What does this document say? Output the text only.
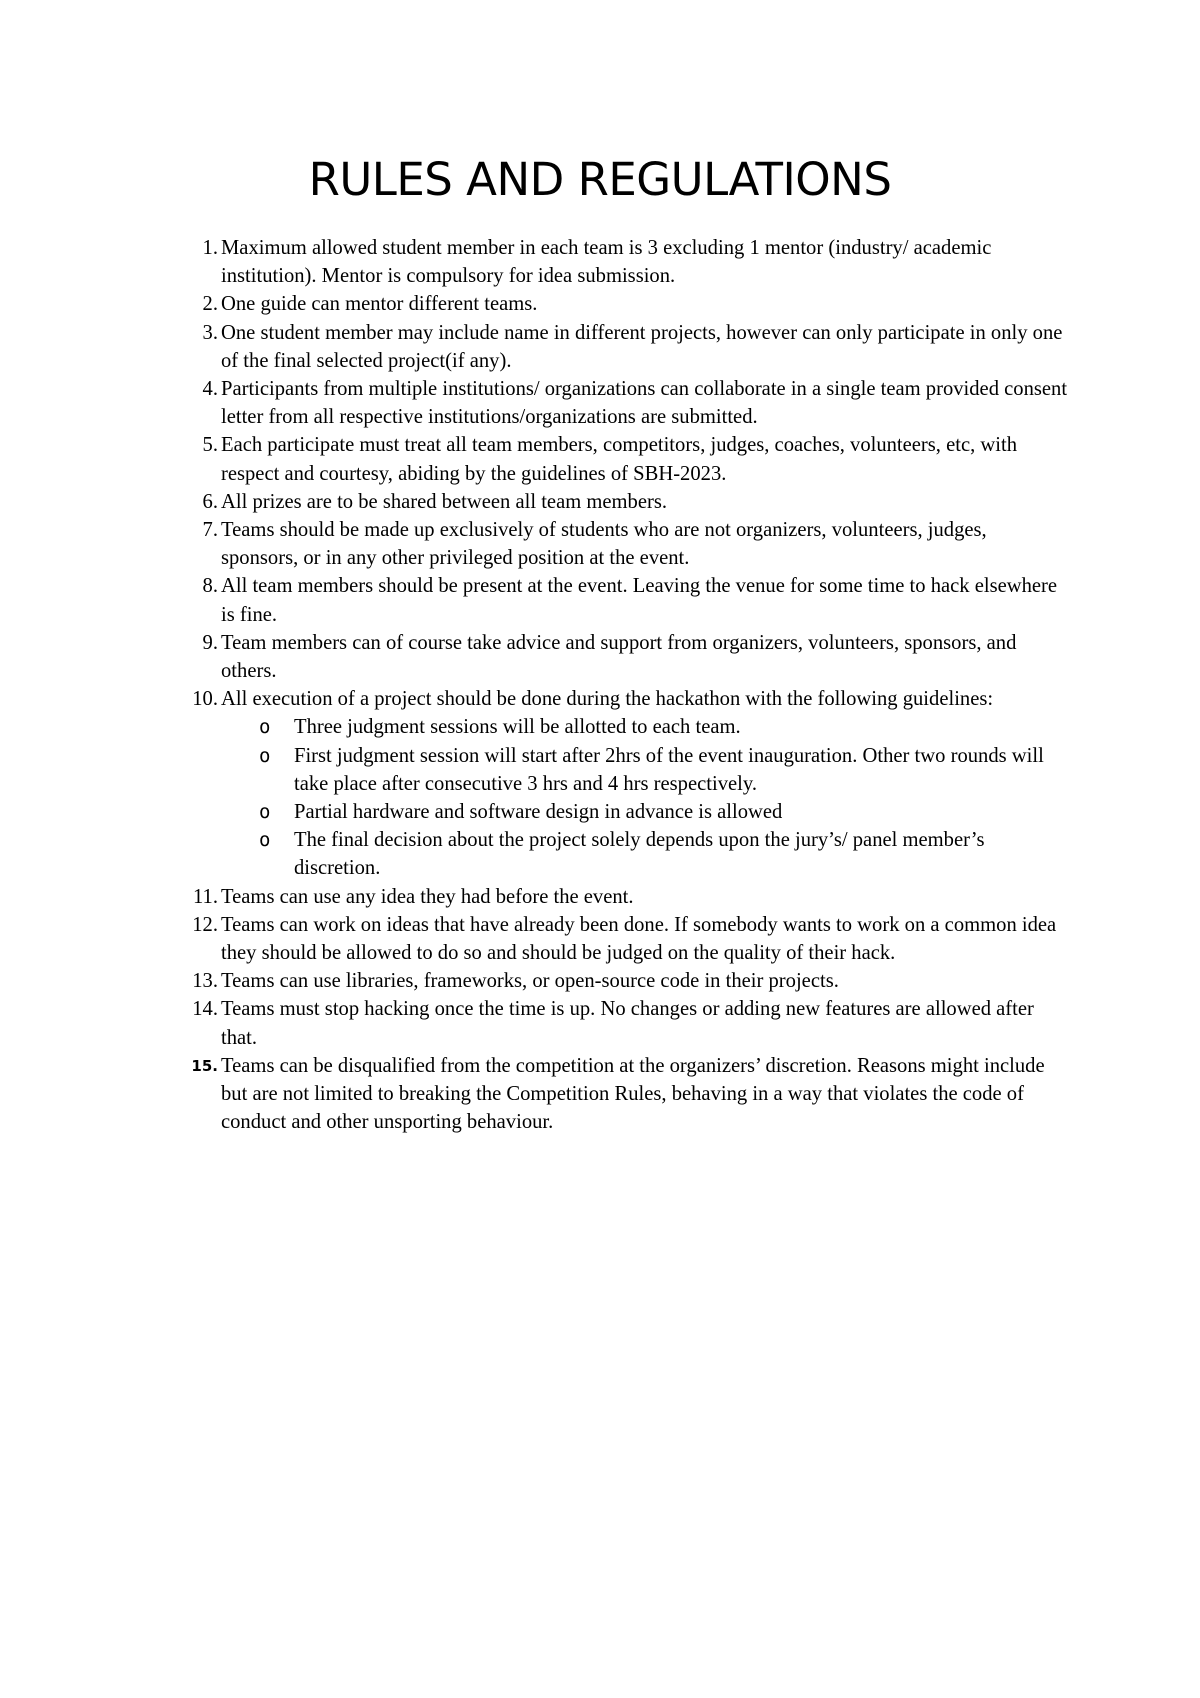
RULES AND REGULATIONS
1. Maximum allowed student member in each team is 3 excluding 1 mentor (industry/ academic institution). Mentor is compulsory for idea submission.
2. One guide can mentor different teams.
3. One student member may include name in different projects, however can only participate in only one of the final selected project(if any).
4. Participants from multiple institutions/ organizations can collaborate in a single team provided consent letter from all respective institutions/organizations are submitted.
5. Each participate must treat all team members, competitors, judges, coaches, volunteers, etc, with respect and courtesy, abiding by the guidelines of SBH-2023.
6. All prizes are to be shared between all team members.
7. Teams should be made up exclusively of students who are not organizers, volunteers, judges, sponsors, or in any other privileged position at the event.
8. All team members should be present at the event. Leaving the venue for some time to hack elsewhere is fine.
9. Team members can of course take advice and support from organizers, volunteers, sponsors, and others.
10. All execution of a project should be done during the hackathon with the following guidelines:
o Three judgment sessions will be allotted to each team.
o First judgment session will start after 2hrs of the event inauguration. Other two rounds will take place after consecutive 3 hrs and 4 hrs respectively.
o Partial hardware and software design in advance is allowed
o The final decision about the project solely depends upon the jury’s/ panel member’s discretion.
11. Teams can use any idea they had before the event.
12. Teams can work on ideas that have already been done. If somebody wants to work on a common idea they should be allowed to do so and should be judged on the quality of their hack.
13. Teams can use libraries, frameworks, or open-source code in their projects.
14. Teams must stop hacking once the time is up. No changes or adding new features are allowed after that.
15. Teams can be disqualified from the competition at the organizers’ discretion. Reasons might include but are not limited to breaking the Competition Rules, behaving in a way that violates the code of conduct and other unsporting behaviour.
